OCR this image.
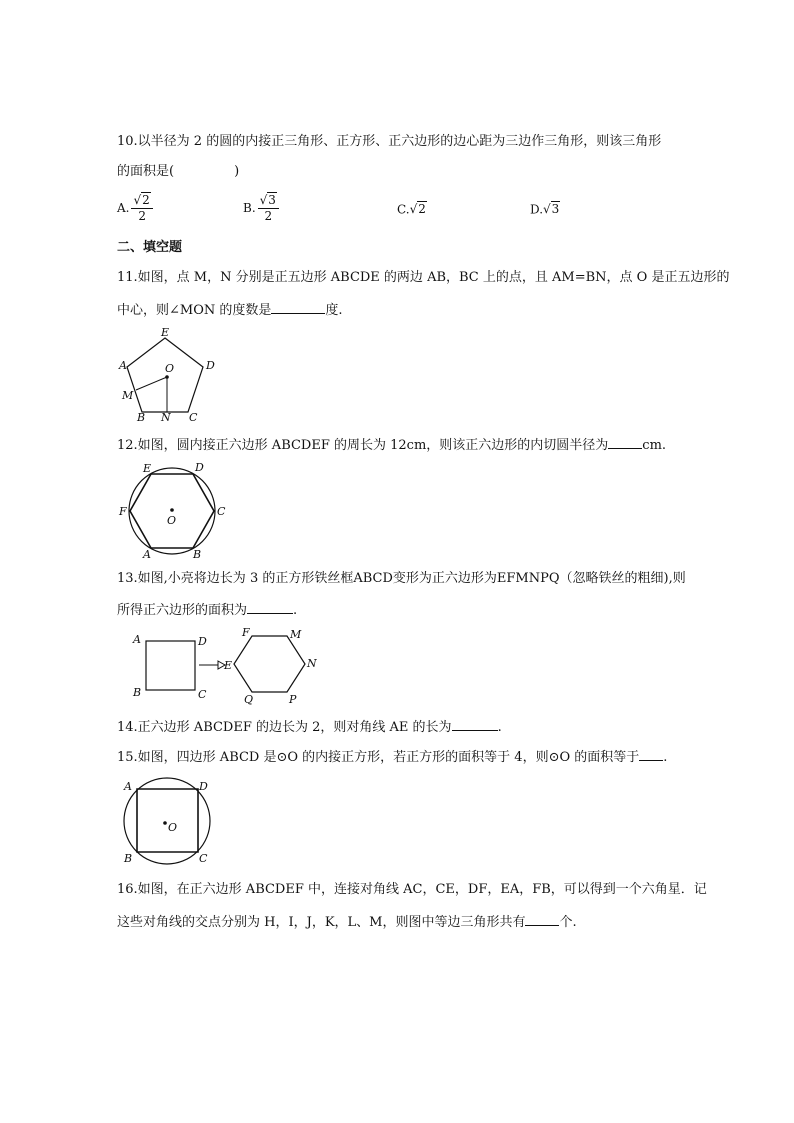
10.以半径为 2 的圆的内接正三角形、正方形、正六边形的边心距为三边作三角形，则该三角形
的面积是(	)
A. $\frac{√2}{2}$	B. $\frac{√3}{2}$	C.√2	D.√3
二、填空题
11.如图，点 M，N 分别是正五边形 ABCDE 的两边 AB，BC 上的点，且 AM=BN，点 O 是正五边形的
中心，则∠MON 的度数是	度.
E
D
A	O
M
B N C
12.如图，圆内接正六边形 ABCDEF 的周长为 12cm，则该正六边形的内切圆半径为	cm.
E	D
F	C
O
A	B
13.如图,小亮将边长为 3 的正方形铁丝框ABCD变形为正六边形为EFMNPQ（忽略铁丝的粗细),则
所得正六边形的面积为	.
A	D
B	C
E
F	M
N
Q	P
14.正六边形 ABCDEF 的边长为 2，则对角线 AE 的长为	.
15.如图，四边形 ABCD 是⊙O 的内接正方形，若正方形的面积等于 4，则⊙O 的面积等于 .
A	D
O
B	C
16.如图，在正六边形 ABCDEF 中，连接对角线 AC，CE，DF，EA，FB，可以得到一个六角星．记
这些对角线的交点分别为 H，I，J，K，L、M，则图中等边三角形共有	个.
